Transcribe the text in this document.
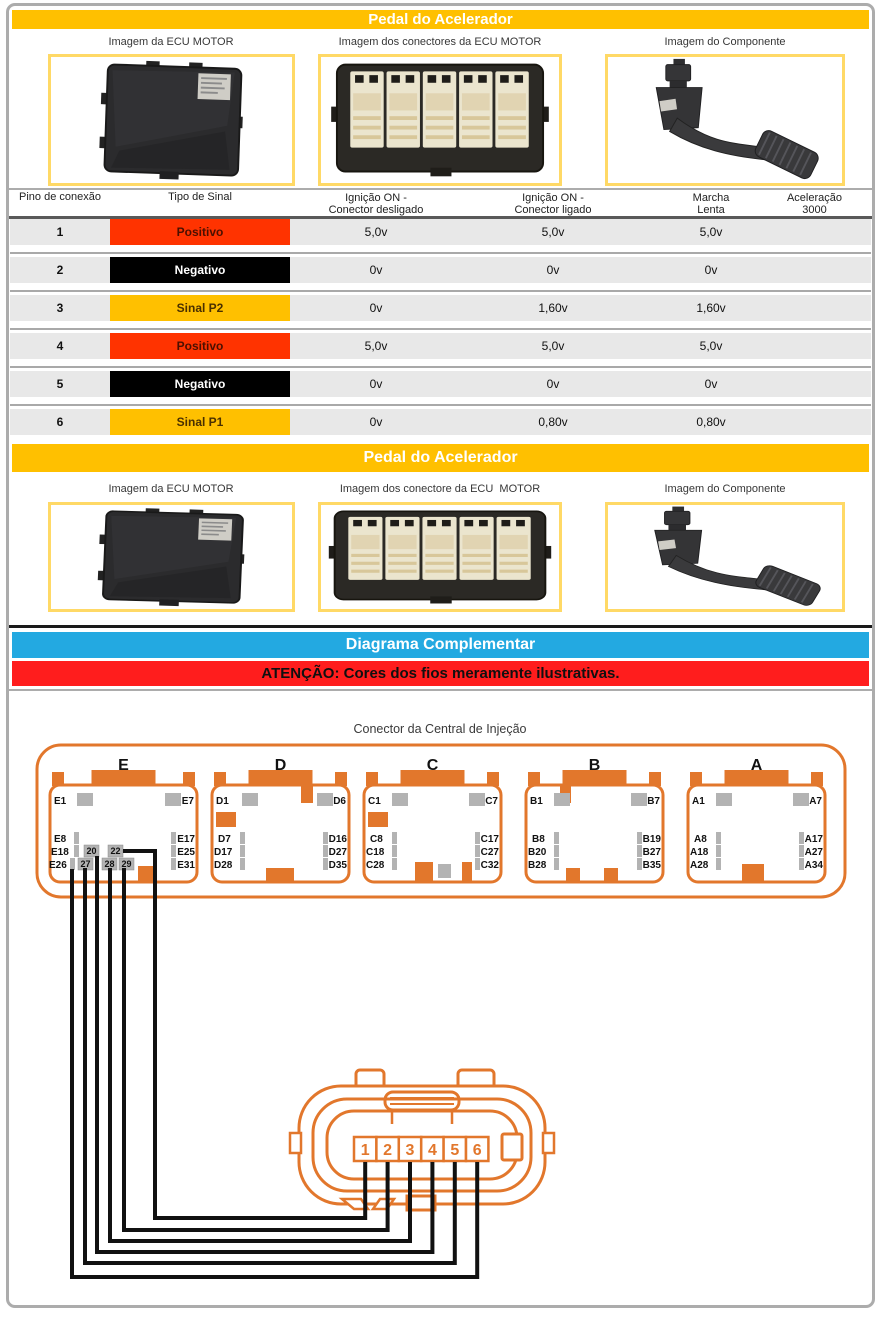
Pedal do Acelerador
Imagem da ECU MOTOR	Imagem dos conectores da ECU MOTOR	Imagem do Componente
Pino de conexão	Tipo de Sinal	Ignição ON -
Conector desligado
Ignição ON -
Conector ligado
Marcha
Lenta
Aceleração
3000
1	Positivo	5,0v	5,0v	5,0v
2	Negativo	0v	0v	0v
3	Sinal P2	0v	1,60v	1,60v
4	Positivo	5,0v	5,0v	5,0v
5	Negativo	0v	0v	0v
6	Sinal P1	0v	0,80v	0,80v
Pedal do Acelerador
Imagem da ECU MOTOR	Imagem dos conectore da ECU  MOTOR	Imagem do Componente
Diagrama Complementar
ATENÇÃO: Cores dos fios meramente ilustrativas.
Conector da Central de Injeção
E
E1
E8
E18
E26
E7
E17
E25
E31
20 22
27 28 29
D
D1
D7
D17
D28
D6
D16
D27
D35
C
C1
C8
C18
C28
C7
C17
C27
C32
B
B1
B8
B20
B28
B7
B19
B27
B35
A
A1
A8
A18
A28
A7
A17
A27
A34
1 2 3 4 5 6
